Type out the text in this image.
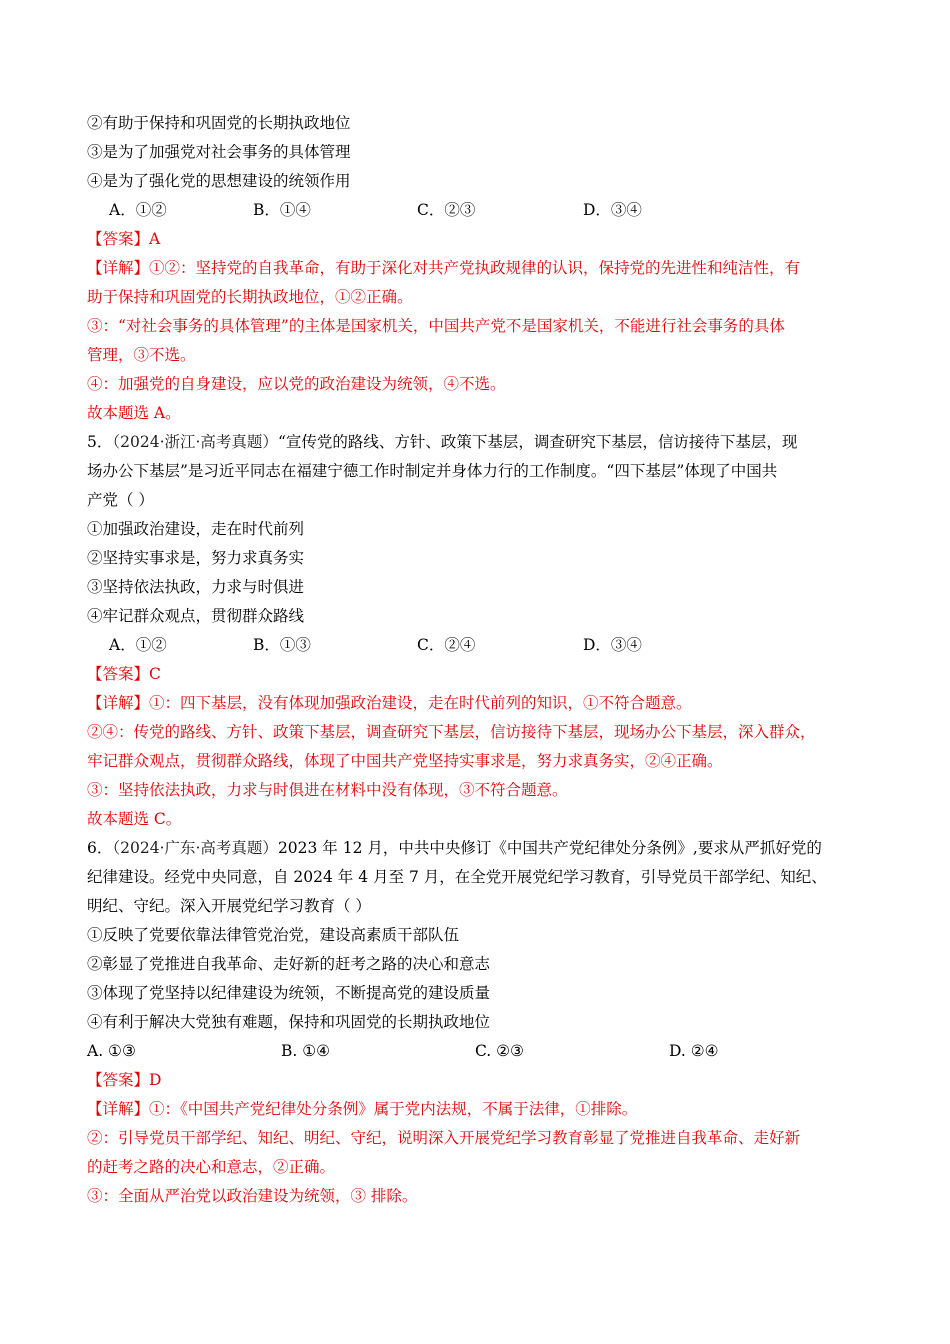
②有助于保持和巩固党的长期执政地位
③是为了加强党对社会事务的具体管理
④是为了强化党的思想建设的统领作用
A．①②	B．①④	C．②③	D．③④
【答案】A
【详解】①②：坚持党的自我革命，有助于深化对共产党执政规律的认识，保持党的先进性和纯洁性，有
助于保持和巩固党的长期执政地位，①②正确。
③：“对社会事务的具体管理”的主体是国家机关，中国共产党不是国家机关，不能进行社会事务的具体
管理，③不选。
④：加强党的自身建设，应以党的政治建设为统领，④不选。
故本题选 A。
5．（2024·浙江·高考真题）“宣传党的路线、方针、政策下基层，调查研究下基层，信访接待下基层，现
场办公下基层”是习近平同志在福建宁德工作时制定并身体力行的工作制度。“四下基层”体现了中国共
产党（ ）
①加强政治建设，走在时代前列
②坚持实事求是，努力求真务实
③坚持依法执政，力求与时俱进
④牢记群众观点，贯彻群众路线
A．①②	B．①③	C．②④	D．③④
【答案】C
【详解】①：四下基层，没有体现加强政治建设，走在时代前列的知识，①不符合题意。
②④：传党的路线、方针、政策下基层，调查研究下基层，信访接待下基层，现场办公下基层，深入群众，
牢记群众观点，贯彻群众路线，体现了中国共产党坚持实事求是，努力求真务实，②④正确。
③：坚持依法执政，力求与时俱进在材料中没有体现，③不符合题意。
故本题选 C。
6．（2024·广东·高考真题）2023 年 12 月，中共中央修订《中国共产党纪律处分条例》,要求从严抓好党的
纪律建设。经党中央同意，自 2024 年 4 月至 7 月，在全党开展党纪学习教育，引导党员干部学纪、知纪、
明纪、守纪。深入开展党纪学习教育（ ）
①反映了党要依靠法律管党治党，建设高素质干部队伍
②彰显了党推进自我革命、走好新的赶考之路的决心和意志
③体现了党坚持以纪律建设为统领，不断提高党的建设质量
④有利于解决大党独有难题，保持和巩固党的长期执政地位
A. ①③	B. ①④	C. ②③	D. ②④
【答案】D
【详解】①：《中国共产党纪律处分条例》属于党内法规，不属于法律，①排除。
②：引导党员干部学纪、知纪、明纪、守纪，说明深入开展党纪学习教育彰显了党推进自我革命、走好新
的赶考之路的决心和意志，②正确。
③：全面从严治党以政治建设为统领，③ 排除。
